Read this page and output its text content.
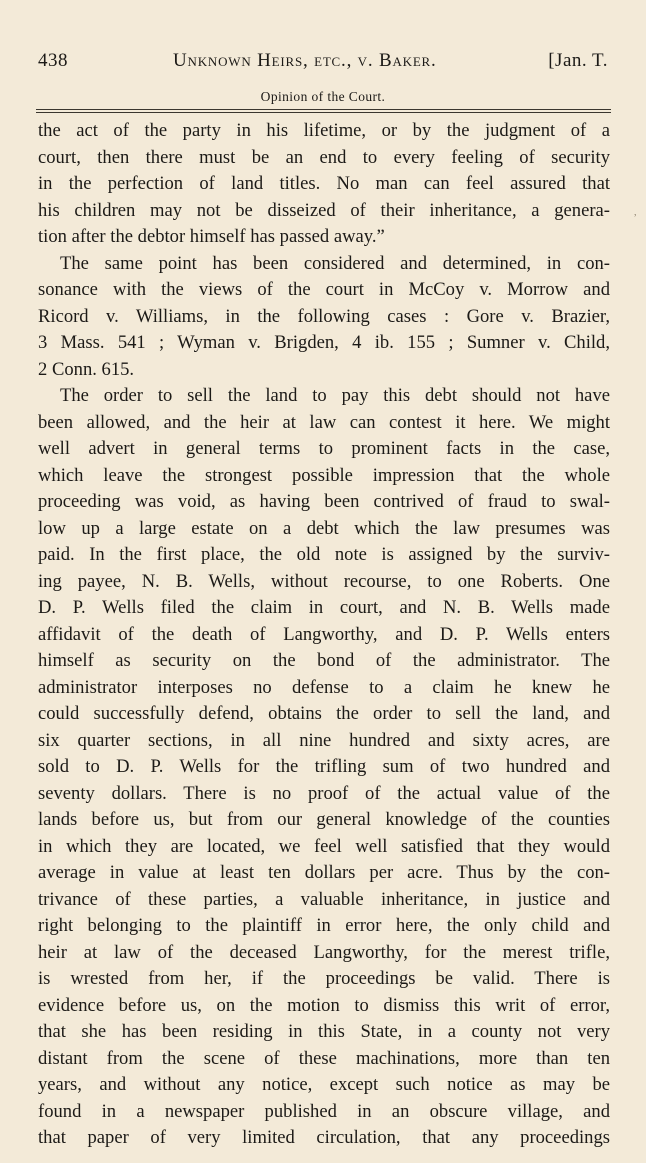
438	Unknown Heirs, etc., v. Baker.	[Jan. T.
Opinion of the Court.
,
the act of the party in his lifetime, or by the judgment of a
court, then there must be an end to every feeling of security
in the perfection of land titles. No man can feel assured that
his children may not be disseized of their inheritance, a genera-
tion after the debtor himself has passed away.”
The same point has been considered and determined, in con-
sonance with the views of the court in McCoy v. Morrow and
Ricord v. Williams, in the following cases : Gore v. Brazier,
3 Mass. 541 ; Wyman v. Brigden, 4 ib. 155 ; Sumner v. Child,
2 Conn. 615.
The order to sell the land to pay this debt should not have
been allowed, and the heir at law can contest it here. We might
well advert in general terms to prominent facts in the case,
which leave the strongest possible impression that the whole
proceeding was void, as having been contrived of fraud to swal-
low up a large estate on a debt which the law presumes was
paid. In the first place, the old note is assigned by the surviv-
ing payee, N. B. Wells, without recourse, to one Roberts. One
D. P. Wells filed the claim in court, and N. B. Wells made
affidavit of the death of Langworthy, and D. P. Wells enters
himself as security on the bond of the administrator. The
administrator interposes no defense to a claim he knew he
could successfully defend, obtains the order to sell the land, and
six quarter sections, in all nine hundred and sixty acres, are
sold to D. P. Wells for the trifling sum of two hundred and
seventy dollars. There is no proof of the actual value of the
lands before us, but from our general knowledge of the counties
in which they are located, we feel well satisfied that they would
average in value at least ten dollars per acre. Thus by the con-
trivance of these parties, a valuable inheritance, in justice and
right belonging to the plaintiff in error here, the only child and
heir at law of the deceased Langworthy, for the merest trifle,
is wrested from her, if the proceedings be valid. There is
evidence before us, on the motion to dismiss this writ of error,
that she has been residing in this State, in a county not very
distant from the scene of these machinations, more than ten
years, and without any notice, except such notice as may be
found in a newspaper published in an obscure village, and
that paper of very limited circulation, that any proceedings
